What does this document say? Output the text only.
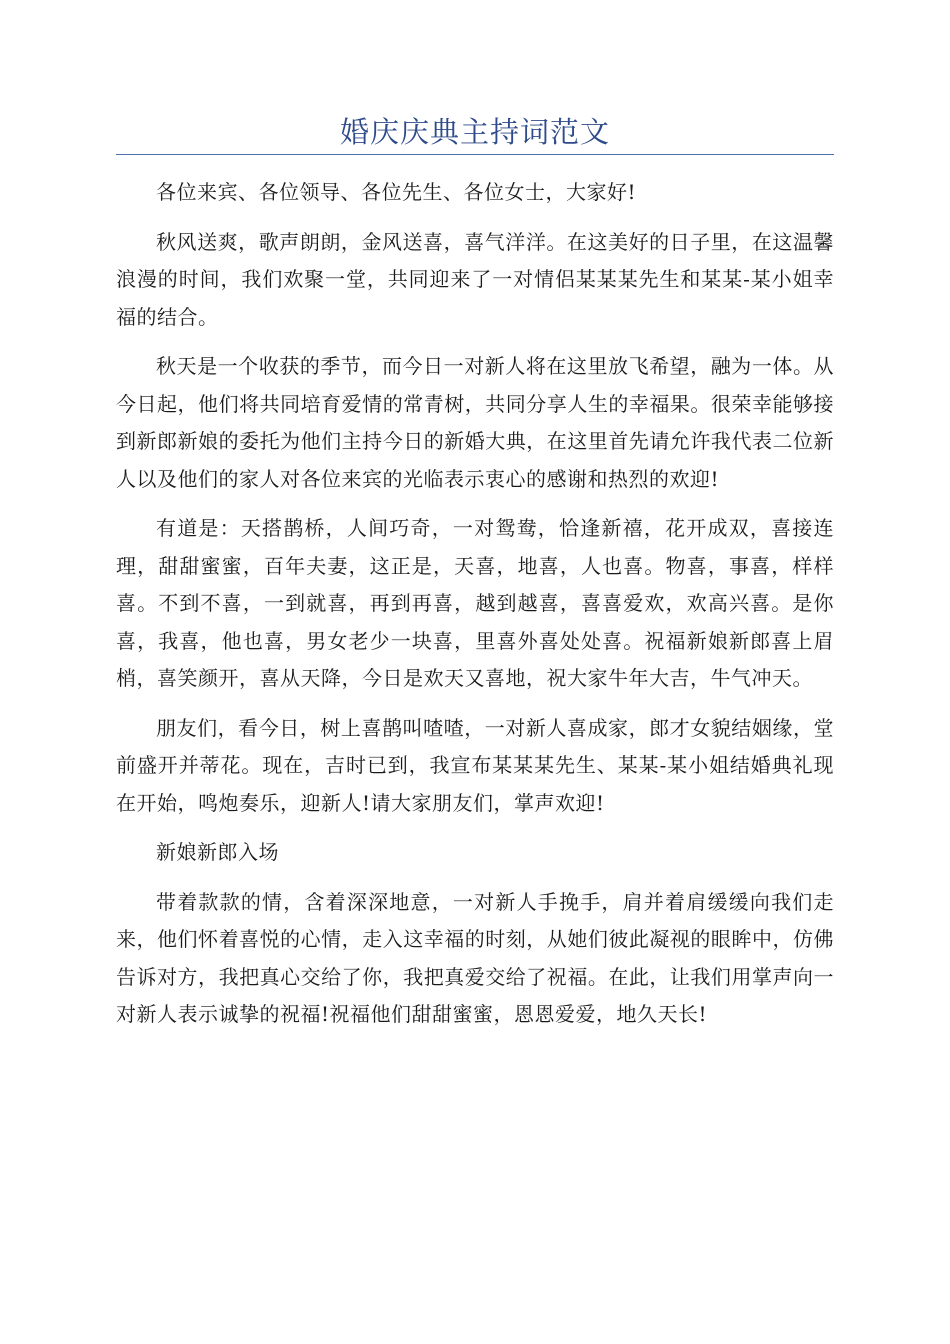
婚庆庆典主持词范文

各位来宾、各位领导、各位先生、各位女士，大家好!

秋风送爽，歌声朗朗，金风送喜，喜气洋洋。在这美好的日子里，在这温馨浪漫的时间，我们欢聚一堂，共同迎来了一对情侣某某某先生和某某-某小姐幸福的结合。

秋天是一个收获的季节，而今日一对新人将在这里放飞希望，融为一体。从今日起，他们将共同培育爱情的常青树，共同分享人生的幸福果。很荣幸能够接到新郎新娘的委托为他们主持今日的新婚大典，在这里首先请允许我代表二位新人以及他们的家人对各位来宾的光临表示衷心的感谢和热烈的欢迎!

有道是：天搭鹊桥，人间巧奇，一对鸳鸯，恰逢新禧，花开成双，喜接连理，甜甜蜜蜜，百年夫妻，这正是，天喜，地喜，人也喜。物喜，事喜，样样喜。不到不喜，一到就喜，再到再喜，越到越喜，喜喜爱欢，欢高兴喜。是你喜，我喜，他也喜，男女老少一块喜，里喜外喜处处喜。祝福新娘新郎喜上眉梢，喜笑颜开，喜从天降，今日是欢天又喜地，祝大家牛年大吉，牛气冲天。

朋友们，看今日，树上喜鹊叫喳喳，一对新人喜成家，郎才女貌结姻缘，堂前盛开并蒂花。现在，吉时已到，我宣布某某某先生、某某-某小姐结婚典礼现在开始，鸣炮奏乐，迎新人!请大家朋友们，掌声欢迎!

新娘新郎入场

带着款款的情，含着深深地意，一对新人手挽手，肩并着肩缓缓向我们走来，他们怀着喜悦的心情，走入这幸福的时刻，从她们彼此凝视的眼眸中，仿佛告诉对方，我把真心交给了你，我把真爱交给了祝福。在此，让我们用掌声向一对新人表示诚挚的祝福!祝福他们甜甜蜜蜜，恩恩爱爱，地久天长!
